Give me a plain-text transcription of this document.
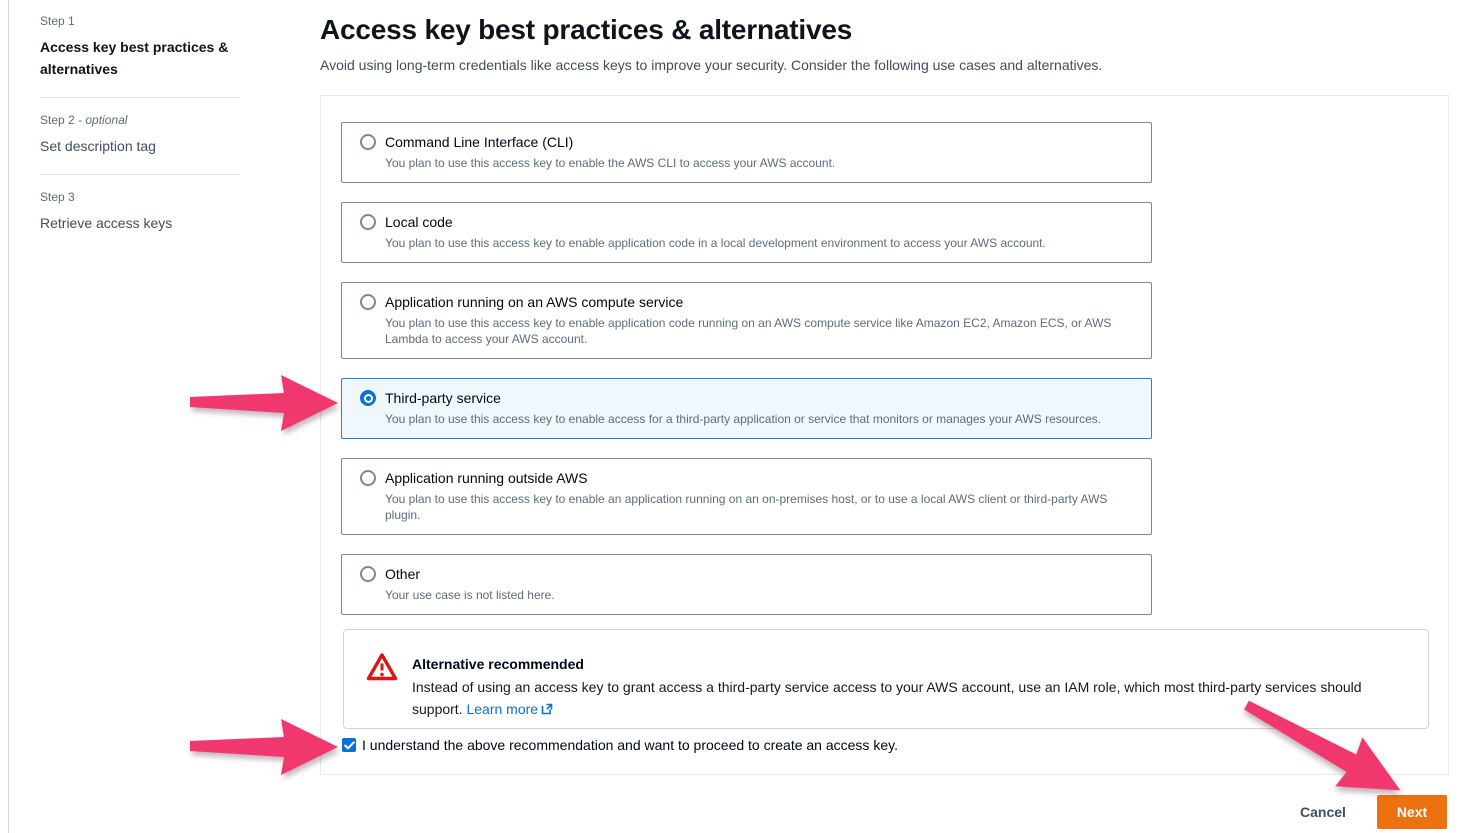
Step 1
Access key best practices & alternatives
Step 2 - optional
Set description tag
Step 3
Retrieve access keys
Access key best practices & alternatives

Avoid using long-term credentials like access keys to improve your security. Consider the following use cases and alternatives.

Command Line Interface (CLI)
You plan to use this access key to enable the AWS CLI to access your AWS account.
Local code
You plan to use this access key to enable application code in a local development environment to access your AWS account.
Application running on an AWS compute service
You plan to use this access key to enable application code running on an AWS compute service like Amazon EC2, Amazon ECS, or AWS Lambda to access your AWS account.
Third-party service
You plan to use this access key to enable access for a third-party application or service that monitors or manages your AWS resources.
Application running outside AWS
You plan to use this access key to enable an application running on an on-premises host, or to use a local AWS client or third-party AWS plugin.
Other
Your use case is not listed here.
Alternative recommended
Instead of using an access key to grant access a third-party service access to your AWS account, use an IAM role, which most third-party services should support. Learn more
I understand the above recommendation and want to proceed to create an access key.
Cancel	Next
